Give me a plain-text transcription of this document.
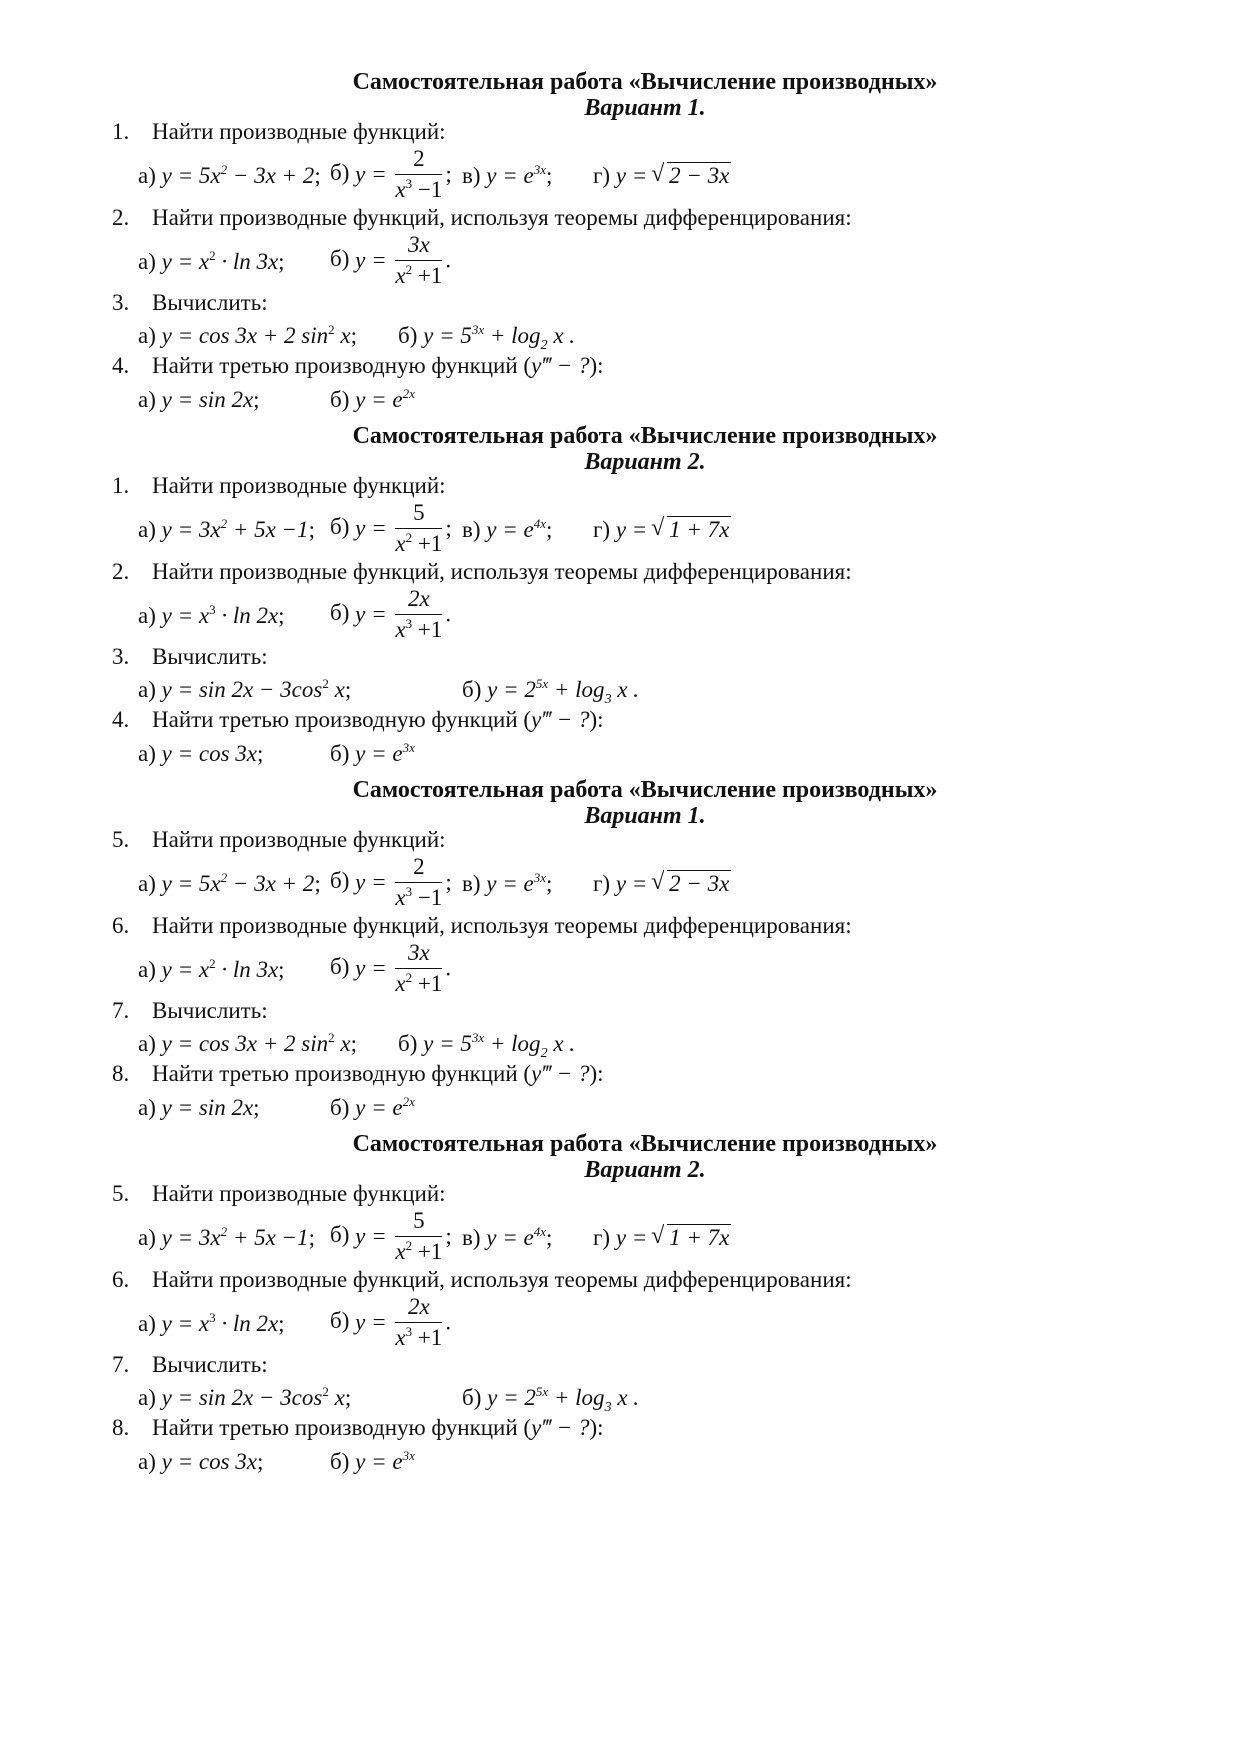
Самостоятельная работа «Вычисление производных»
Вариант 1.
1. Найти производные функций:
а) $y = 5x^2 - 3x + 2$; б) $y = \frac{2}{x^3 -1}$ ; в) $y = e^{3x}$; г) y = √ 2 − 3x
2. Найти производные функций, используя теоремы дифференцирования:
а) $y = x^2 \cdot \ln 3x$; б) $y = \frac{3x}{x^2 +1}$ .
3. Вычислить:
а) y = cos 3x + 2 $\sin^2 x$; б) $y = 5^{3x} + \log_2 x$ .
4. Найти третью производную функций (y‴ − ?):
а) y = sin 2x;	б) $y = e^{2x}$
Самостоятельная работа «Вычисление производных»
Вариант 2.
1. Найти производные функций:
а) $y = 3x^2 + 5x -1$; б) $y = \frac{5}{x^2 +1}$ ; в) $y = e^{4x}$; г) y = √ 1 + 7x
2. Найти производные функций, используя теоремы дифференцирования:
а) $y = x^3 \cdot \ln 2x$; б) $y = \frac{2x}{x^3 +1}$ .
3. Вычислить:
а) $y = \sin 2x - 3\cos^2$ x;	б) $y = 2^{5x} + \log_3 x$ .
4. Найти третью производную функций (y‴ − ?):
а) y = cos 3x;	б) $y = e^{3x}$
Самостоятельная работа «Вычисление производных»
Вариант 1.
5. Найти производные функций:
а) $y = 5x^2 - 3x + 2$; б) $y = \frac{2}{x^3 -1}$ ; в) $y = e^{3x}$; г) y = √ 2 − 3x
6. Найти производные функций, используя теоремы дифференцирования:
а) $y = x^2 \cdot \ln 3x$; б) $y = \frac{3x}{x^2 +1}$ .
7. Вычислить:
а) y = cos 3x + 2 $\sin^2 x$; б) $y = 5^{3x} + \log_2 x$ .
8. Найти третью производную функций (y‴ − ?):
а) y = sin 2x;	б) $y = e^{2x}$
Самостоятельная работа «Вычисление производных»
Вариант 2.
5. Найти производные функций:
а) $y = 3x^2 + 5x -1$; б) $y = \frac{5}{x^2 +1}$ ; в) $y = e^{4x}$; г) y = √ 1 + 7x
6. Найти производные функций, используя теоремы дифференцирования:
а) $y = x^3 \cdot \ln 2x$; б) $y = \frac{2x}{x^3 +1}$ .
7. Вычислить:
а) $y = \sin 2x - 3\cos^2$ x;	б) $y = 2^{5x} + \log_3 x$ .
8. Найти третью производную функций (y‴ − ?):
а) y = cos 3x;	б) $y = e^{3x}$
